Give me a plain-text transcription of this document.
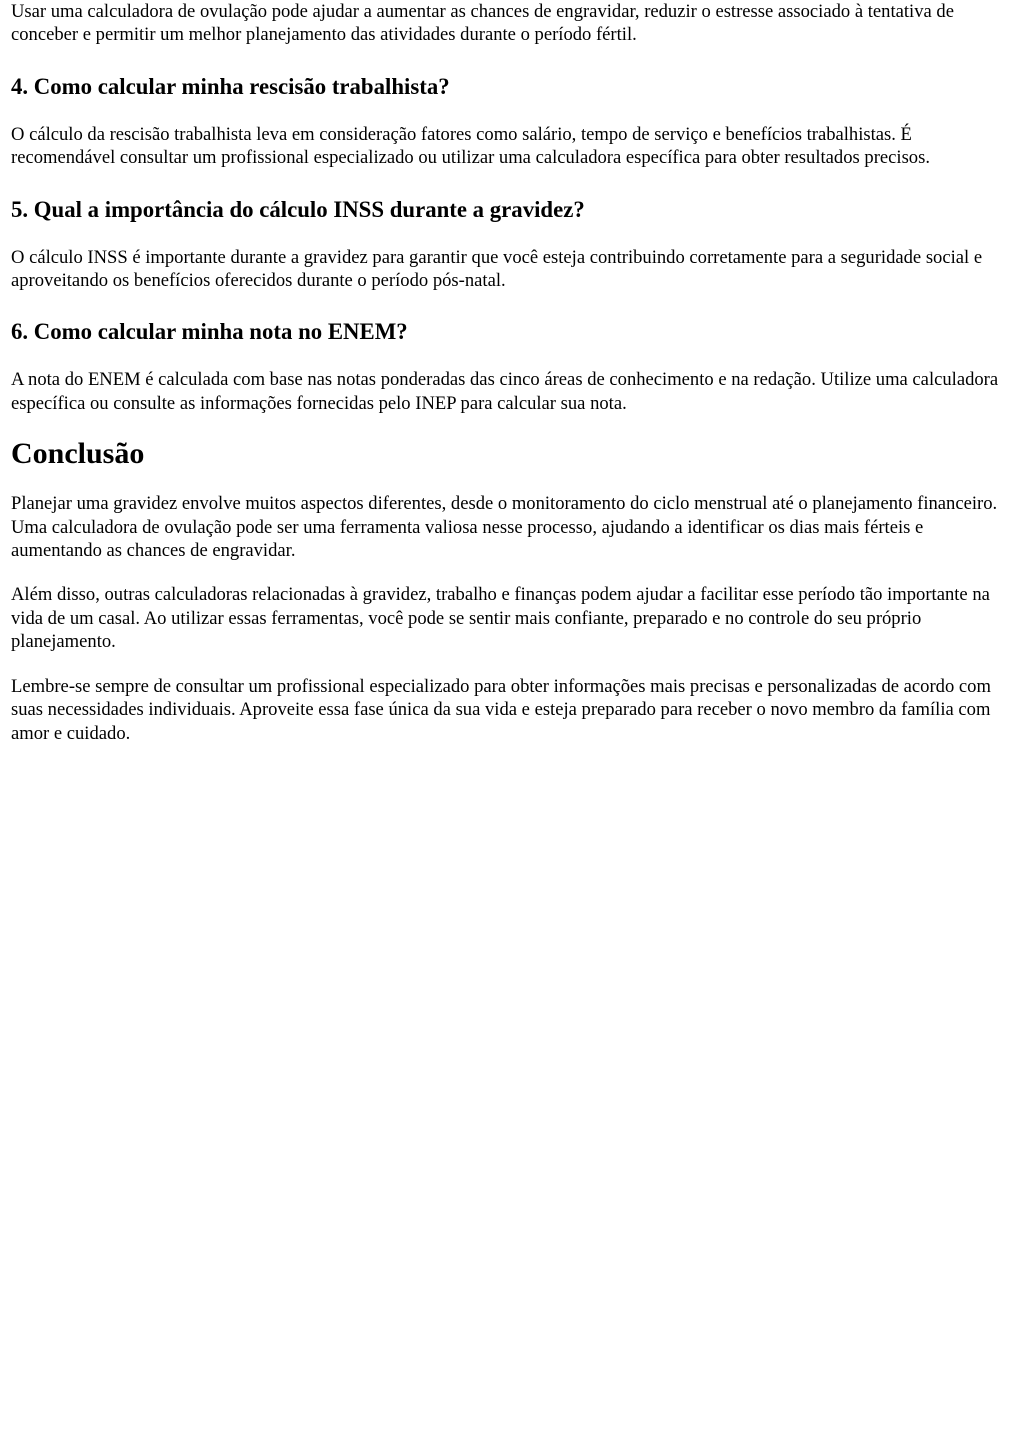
Usar uma calculadora de ovulação pode ajudar a aumentar as chances de engravidar, reduzir o estresse associado à tentativa de conceber e permitir um melhor planejamento das atividades durante o período fértil.

4. Como calcular minha rescisão trabalhista?

O cálculo da rescisão trabalhista leva em consideração fatores como salário, tempo de serviço e benefícios trabalhistas. É recomendável consultar um profissional especializado ou utilizar uma calculadora específica para obter resultados precisos.

5. Qual a importância do cálculo INSS durante a gravidez?

O cálculo INSS é importante durante a gravidez para garantir que você esteja contribuindo corretamente para a seguridade social e aproveitando os benefícios oferecidos durante o período pós-natal.

6. Como calcular minha nota no ENEM?

A nota do ENEM é calculada com base nas notas ponderadas das cinco áreas de conhecimento e na redação. Utilize uma calculadora específica ou consulte as informações fornecidas pelo INEP para calcular sua nota.

Conclusão

Planejar uma gravidez envolve muitos aspectos diferentes, desde o monitoramento do ciclo menstrual até o planejamento financeiro. Uma calculadora de ovulação pode ser uma ferramenta valiosa nesse processo, ajudando a identificar os dias mais férteis e aumentando as chances de engravidar.

Além disso, outras calculadoras relacionadas à gravidez, trabalho e finanças podem ajudar a facilitar esse período tão importante na vida de um casal. Ao utilizar essas ferramentas, você pode se sentir mais confiante, preparado e no controle do seu próprio planejamento.

Lembre-se sempre de consultar um profissional especializado para obter informações mais precisas e personalizadas de acordo com suas necessidades individuais. Aproveite essa fase única da sua vida e esteja preparado para receber o novo membro da família com amor e cuidado.
